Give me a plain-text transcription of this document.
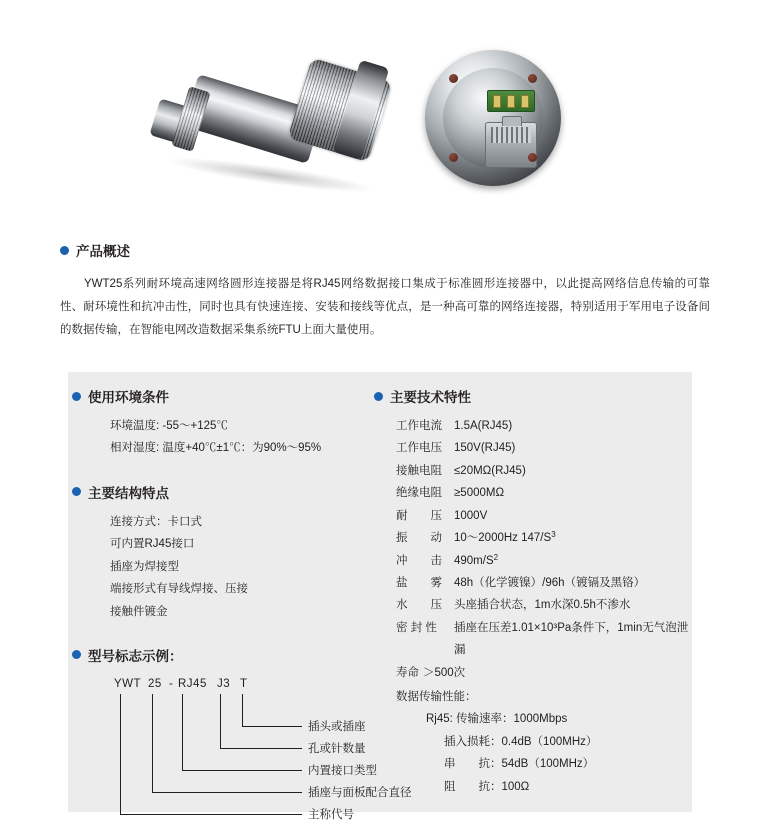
产品概述
YWT25系列耐环境高速网络圆形连接器是将RJ45网络数据接口集成于标准圆形连接器中，以此提高网络信息传输的可靠性、耐环境性和抗冲击性，同时也具有快速连接、安装和接线等优点，是一种高可靠的网络连接器，特别适用于军用电子设备间的数据传输，在智能电网改造数据采集系统FTU上面大量使用。
使用环境条件
环境温度: -55～+125℃
相对湿度: 温度+40℃±1℃：为90%～95%
主要结构特点
连接方式：卡口式
可内置RJ45接口
插座为焊接型
端接形式有导线焊接、压接
接触件镀金
型号标志示例：
YWT 25 - RJ45 J3 T
插头或插座
孔或针数量
内置接口类型
插座与面板配合直径
主称代号
主要技术特性
工作电流	1.5A(RJ45)
工作电压	150V(RJ45)
接触电阻	≤20MΩ(RJ45)
绝缘电阻	≥5000MΩ
耐　　压	1000V
振　　动	10～2000Hz 147/S 3
冲　　击	490m/S 2
盐　　雾	48h（化学镀镍）/96h（镀镉及黑铬）
水　　压	头座插合状态，1m水深0.5h不渗水
密 封 性	插座在压差1.01×10³Pa条件下，1min无气泡泄漏
寿命 ＞500次
数据传输性能：
Rj45: 传输速率：1000Mbps
插入损耗：0.4dB（100MHz）
串　　抗：54dB（100MHz）
阻　　抗：100Ω
